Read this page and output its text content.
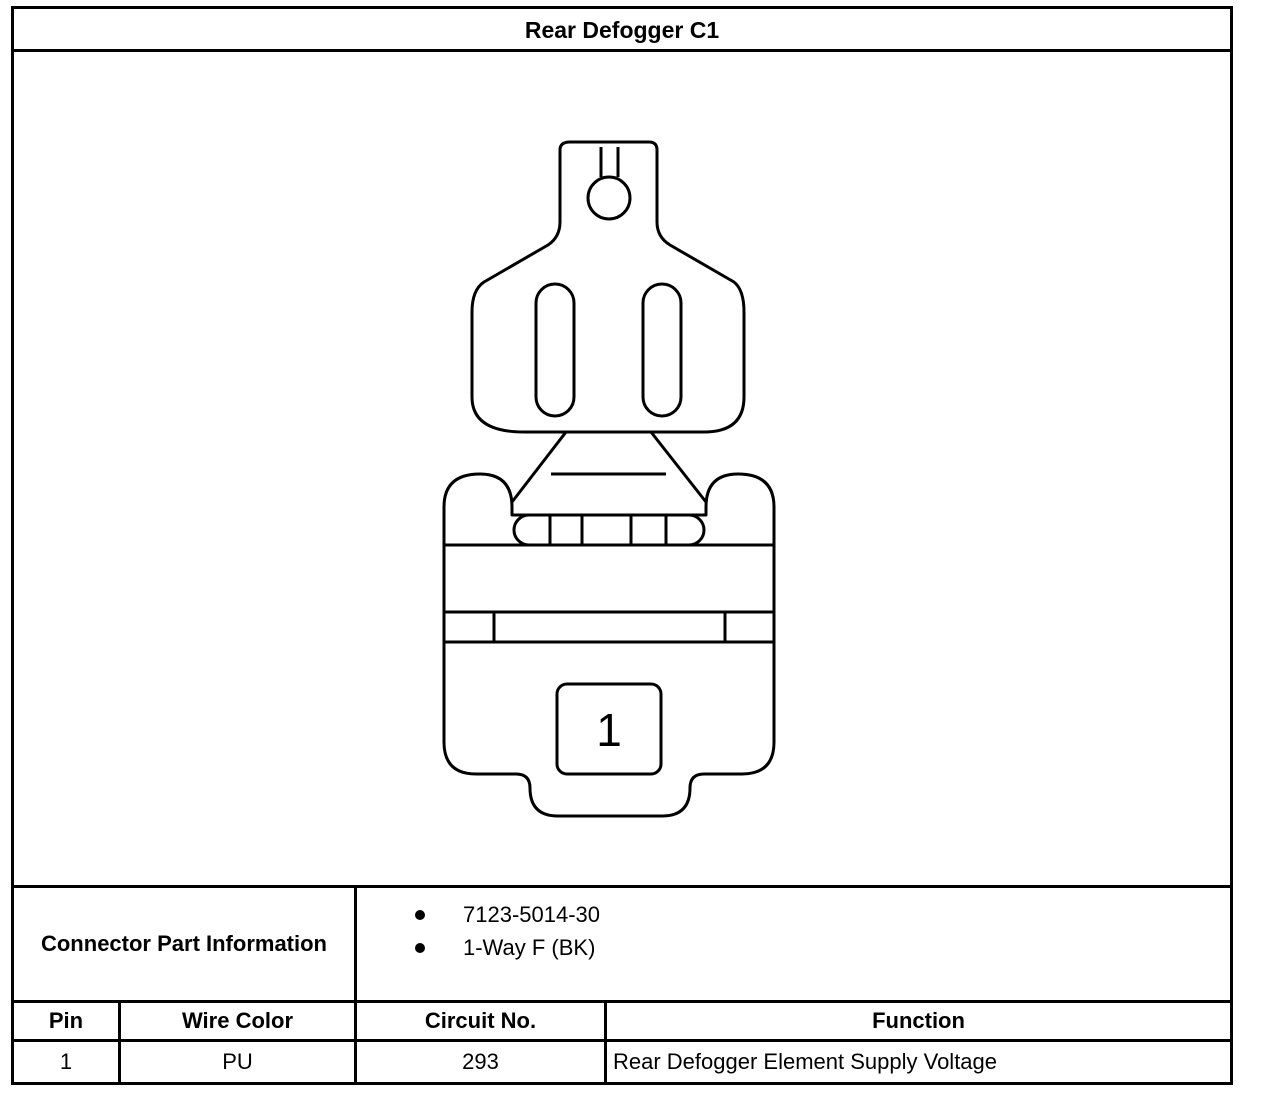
Rear Defogger C1
1
Connector Part Information
7123-5014-30
1-Way F (BK)
Pin	Wire Color	Circuit No.	Function
1	PU	293	Rear Defogger Element Supply Voltage
